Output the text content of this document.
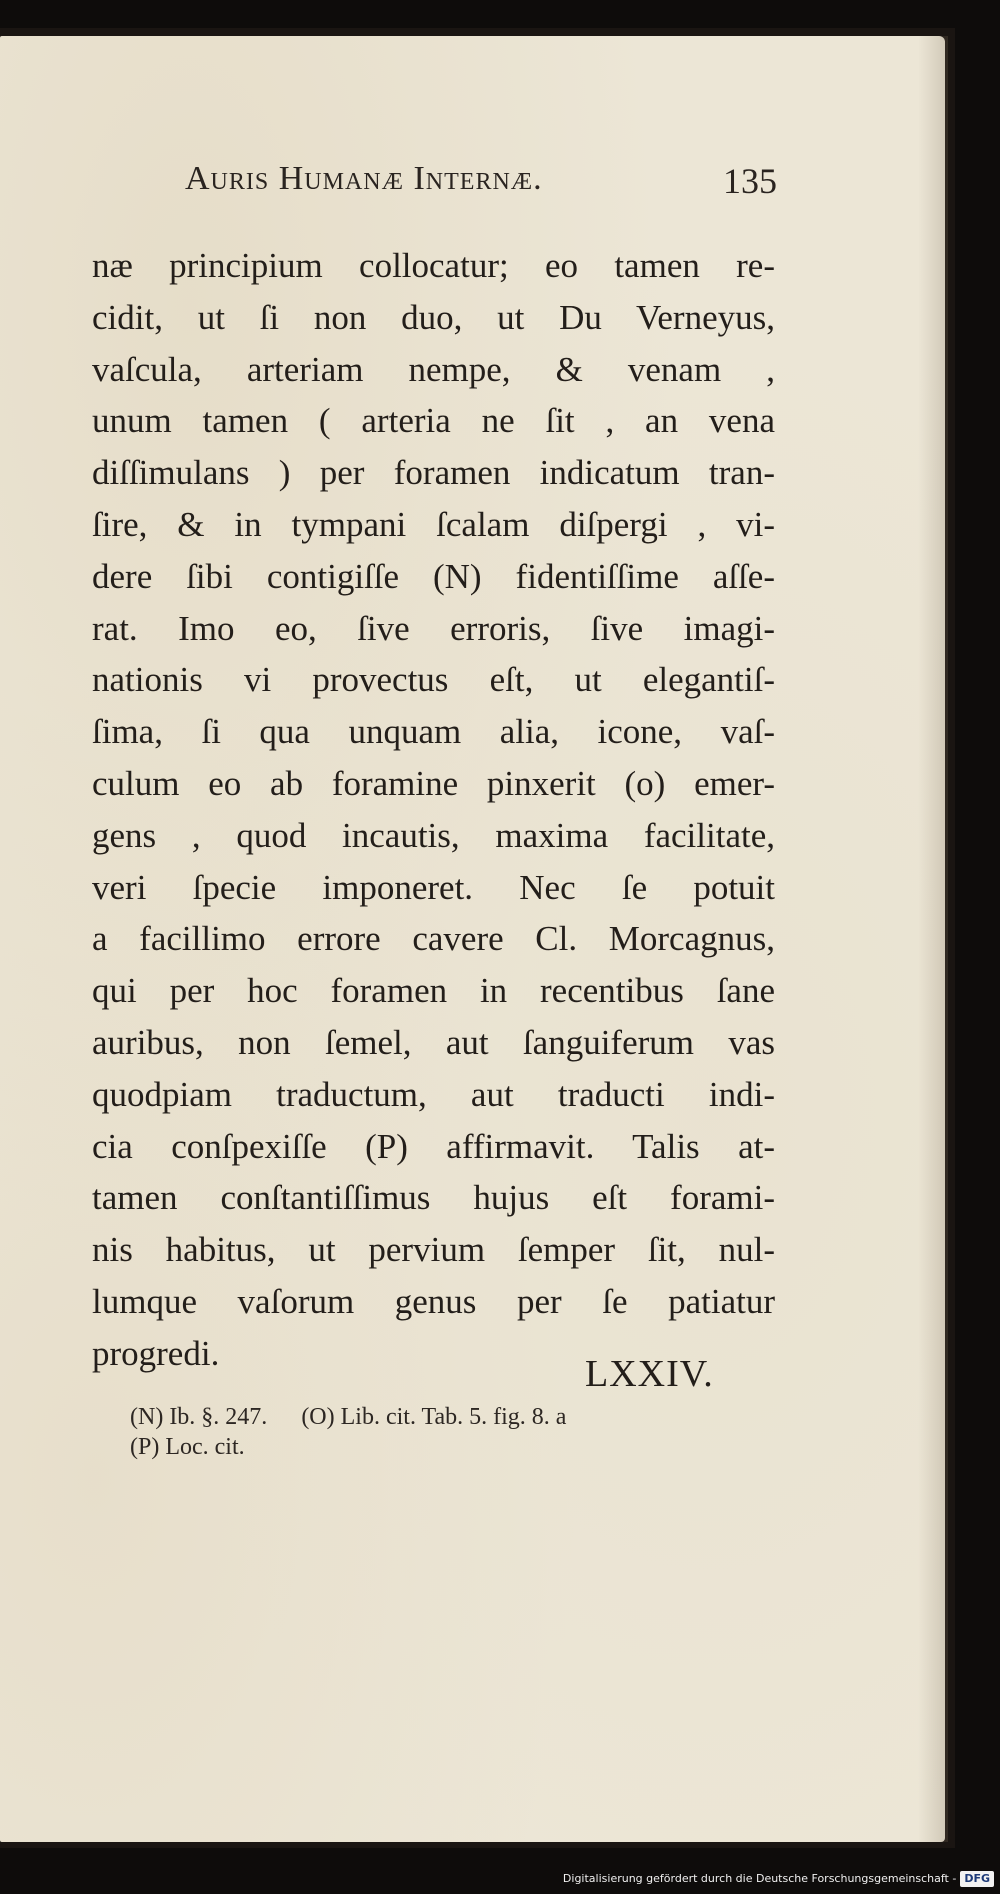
Auris Humanæ Internæ.	135
næ principium collocatur; eo tamen re-
cidit, ut ſi non duo, ut Du Verneyus,
vaſcula, arteriam nempe, & venam ,
unum tamen ( arteria ne ſit , an vena
diſſimulans ) per foramen indicatum tran-
ſire, & in tympani ſcalam diſpergi , vi-
dere ſibi contigiſſe (N) fidentiſſime aſſe-
rat. Imo eo, ſive erroris, ſive imagi-
nationis vi provectus eſt, ut elegantiſ-
ſima, ſi qua unquam alia, icone, vaſ-
culum eo ab foramine pinxerit (o) emer-
gens , quod incautis, maxima facilitate,
veri ſpecie imponeret. Nec ſe potuit
a facillimo errore cavere Cl. Morcagnus,
qui per hoc foramen in recentibus ſane
auribus, non ſemel, aut ſanguiferum vas
quodpiam traductum, aut traducti indi-
cia conſpexiſſe (P) affirmavit. Talis at-
tamen conſtantiſſimus hujus eſt forami-
nis habitus, ut pervium ſemper ſit, nul-
lumque vaſorum genus per ſe patiatur
progredi.	LXXIV.
(N) Ib. §. 247. (O) Lib. cit. Tab. 5. fig. 8. a
(P) Loc. cit.
Digitalisierung gefördert durch die Deutsche Forschungsgemeinschaft - DFG
